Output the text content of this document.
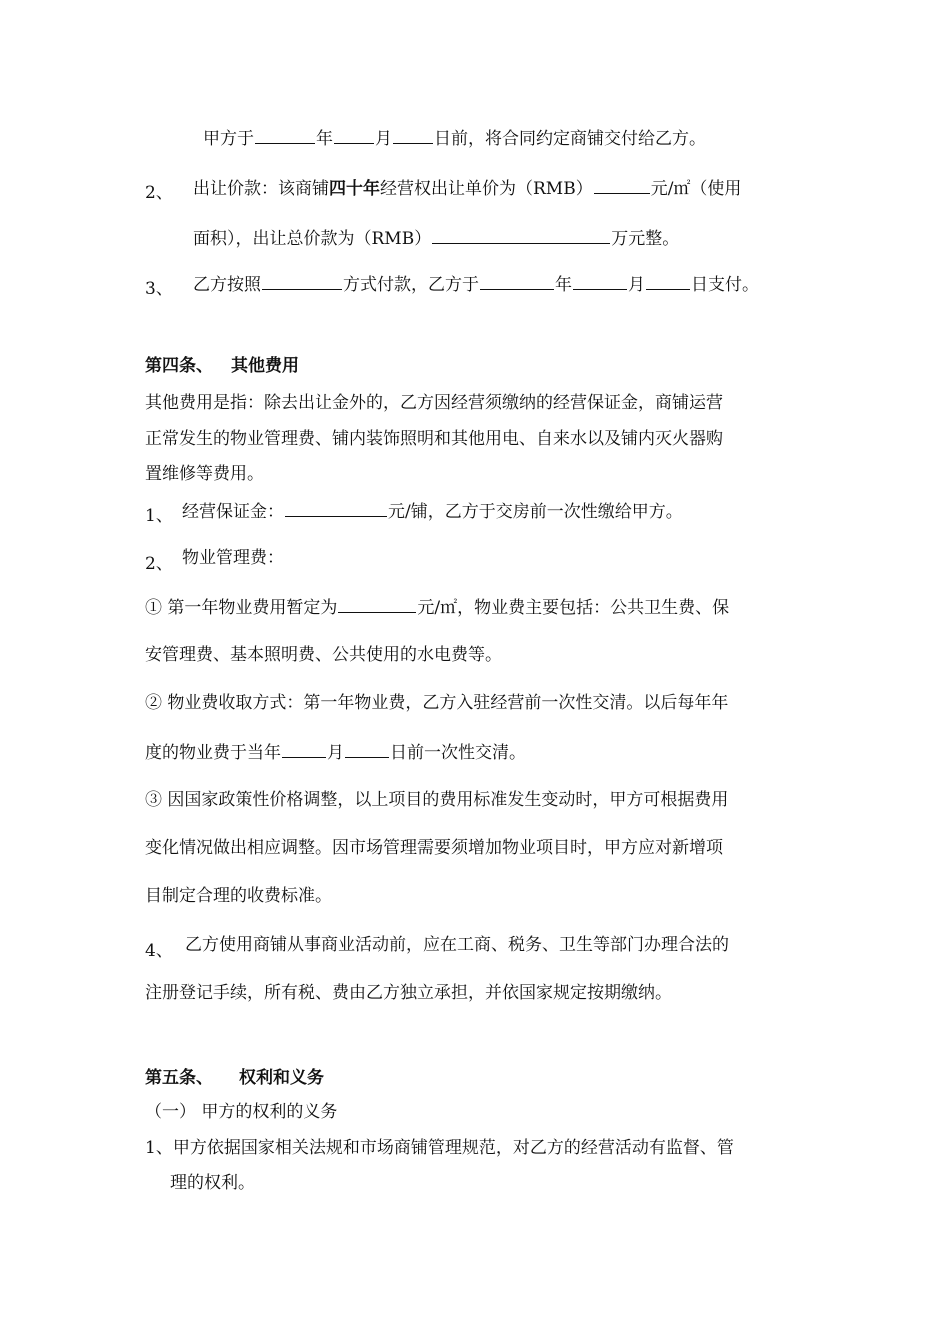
甲方于	年 月 日前，将合同约定商铺交付给乙方。
2、 出让价款：该商铺四十年经营权出让单价为（RMB）	元/㎡（使用
面积），出让总价款为（RMB）	万元整。
3、 乙方按照	方式付款，乙方于	年	月	日支付。
第四条、 其他费用
其他费用是指：除去出让金外的，乙方因经营须缴纳的经营保证金，商铺运营
正常发生的物业管理费、铺内装饰照明和其他用电、自来水以及铺内灭火器购
置维修等费用。
1、 经营保证金：	元/铺，乙方于交房前一次性缴给甲方。
2、 物业管理费：
① 第一年物业费用暂定为	元/㎡，物业费主要包括：公共卫生费、保
安管理费、基本照明费、公共使用的水电费等。
② 物业费收取方式：第一年物业费，乙方入驻经营前一次性交清。以后每年年
度的物业费于当年	月	日前一次性交清。
③ 因国家政策性价格调整，以上项目的费用标准发生变动时，甲方可根据费用
变化情况做出相应调整。因市场管理需要须增加物业项目时，甲方应对新增项
目制定合理的收费标准。
4、 乙方使用商铺从事商业活动前，应在工商、税务、卫生等部门办理合法的
注册登记手续，所有税、费由乙方独立承担，并依国家规定按期缴纳。
第五条、 权利和义务
（一） 甲方的权利的义务
1、甲方依据国家相关法规和市场商铺管理规范，对乙方的经营活动有监督、管
理的权利。
